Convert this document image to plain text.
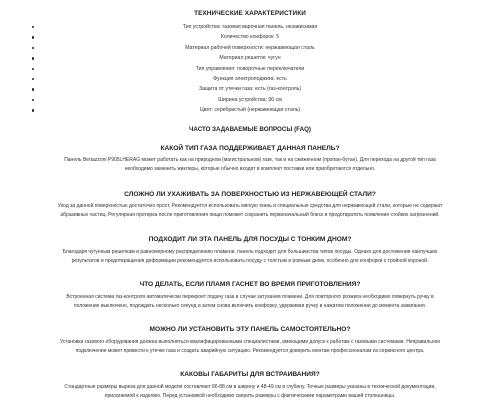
ТЕХНИЧЕСКИЕ ХАРАКТЕРИСТИКИ
Тип устройства: газовая варочная панель, независимая
Количество конфорок: 5
Материал рабочей поверхности: нержавеющая сталь
Материал решеток: чугун
Тип управления: поворотные переключатели
Функция электроподжига: есть
Защита от утечки газа: есть (газ-контроль)
Ширина устройства: 90 см
Цвет: серебристый (нержавеющая сталь)
ЧАСТО ЗАДАВАЕМЫЕ ВОПРОСЫ (FAQ)
КАКОЙ ТИП ГАЗА ПОДДЕРЖИВАЕТ ДАННАЯ ПАНЕЛЬ?
Панель Bertazzoni P905LHERAG может работать как на природном (магистральном) газе, так и на сжиженном (пропан-бутан). Для перехода на другой тип газа
необходимо заменить жиклеры, которые обычно входят в комплект поставки или приобретаются отдельно.
СЛОЖНО ЛИ УХАЖИВАТЬ ЗА ПОВЕРХНОСТЬЮ ИЗ НЕРЖАВЕЮЩЕЙ СТАЛИ?
Уход за данной поверхностью достаточно прост. Рекомендуется использовать мягкую ткань и специальные средства для нержавеющей стали, которые не содержат
абразивных частиц. Регулярная протирка после приготовления пищи поможет сохранить первоначальный блеск и предотвратить появление стойких загрязнений.
ПОДХОДИТ ЛИ ЭТА ПАНЕЛЬ ДЛЯ ПОСУДЫ С ТОНКИМ ДНОМ?
Благодаря чугунным решеткам и равномерному распределению пламени, панель подходит для большинства типов посуды. Однако для достижения наилучших
результатов и предотвращения деформации рекомендуется использовать посуду с толстым и ровным дном, особенно для конфорки с тройной короной.
ЧТО ДЕЛАТЬ, ЕСЛИ ПЛАМЯ ГАСНЕТ ВО ВРЕМЯ ПРИГОТОВЛЕНИЯ?
Встроенная система газ-контроля автоматически перекроет подачу газа в случае затухания пламени. Для повторного розжига необходимо повернуть ручку в
положение выключено, подождать несколько секунд и затем снова включить конфорку, удерживая ручку в нажатом положении до момента зажигания.
МОЖНО ЛИ УСТАНОВИТЬ ЭТУ ПАНЕЛЬ САМОСТОЯТЕЛЬНО?
Установка газового оборудования должна выполняться квалифицированными специалистами, имеющими допуск к работам с газовыми системами. Неправильное
подключение может привести к утечке газа и создать аварийную ситуацию. Рекомендуется доверить монтаж профессионалам из сервисного центра.
КАКОВЫ ГАБАРИТЫ ДЛЯ ВСТРАИВАНИЯ?
Стандартные размеры выреза для данной модели составляют 86-88 см в ширину и 48-49 см в глубину. Точные размеры указаны в технической документации,
прилагаемой к изделию. Перед установкой необходимо сверить размеры с фактическими параметрами вашей столешницы.
